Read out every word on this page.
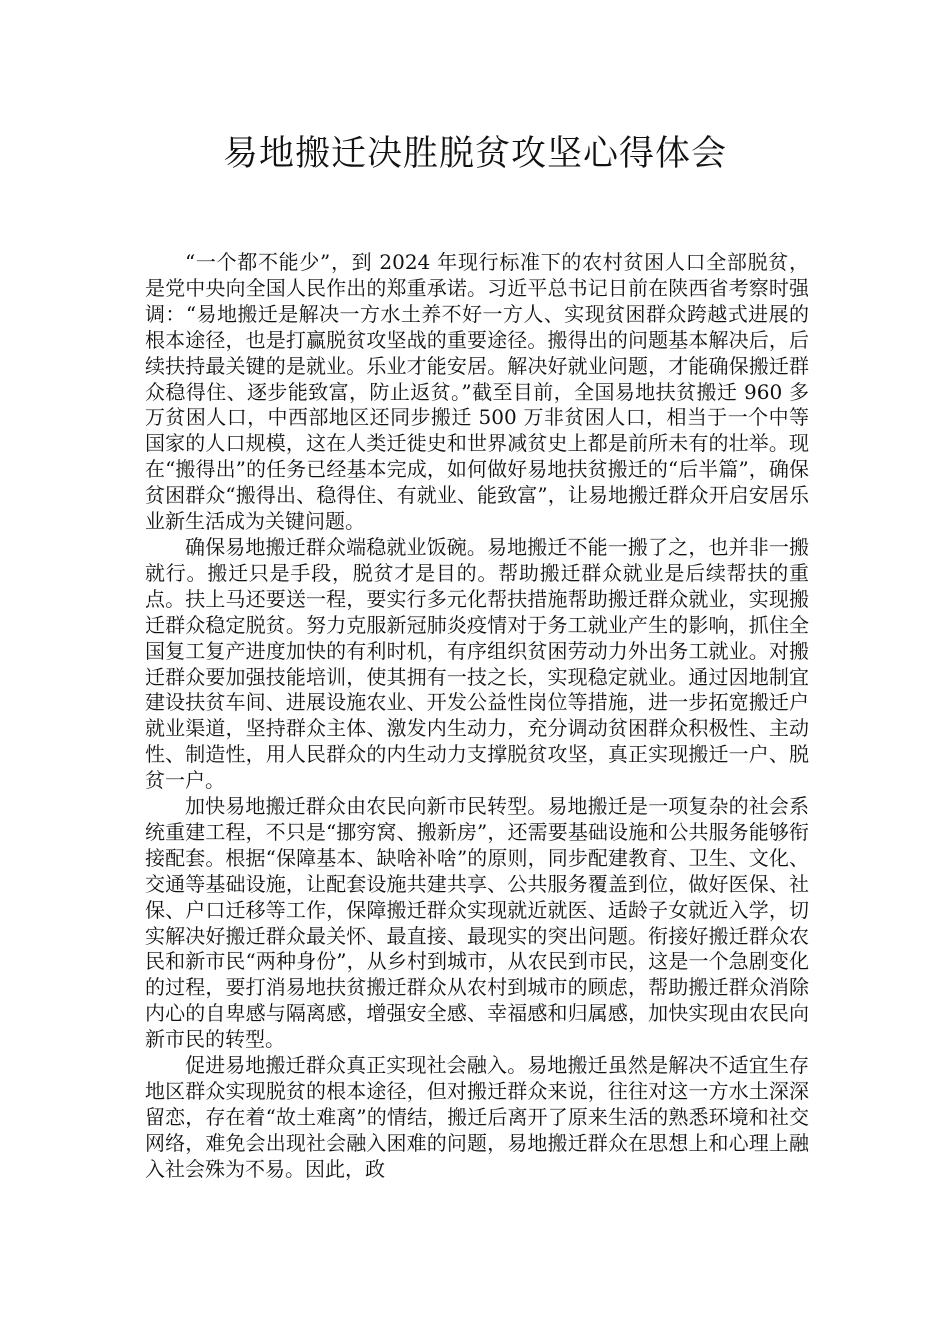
易地搬迁决胜脱贫攻坚心得体会

“一个都不能少”，到 2024 年现行标准下的农村贫困人口全部脱贫，是党中央向全国人民作出的郑重承诺。习近平总书记日前在陕西省考察时强调：“易地搬迁是解决一方水土养不好一方人、实现贫困群众跨越式进展的根本途径，也是打赢脱贫攻坚战的重要途径。搬得出的问题基本解决后，后续扶持最关键的是就业。乐业才能安居。解决好就业问题，才能确保搬迁群众稳得住、逐步能致富，防止返贫。”截至目前，全国易地扶贫搬迁 960 多万贫困人口，中西部地区还同步搬迁 500 万非贫困人口，相当于一个中等国家的人口规模，这在人类迁徙史和世界减贫史上都是前所未有的壮举。现在“搬得出”的任务已经基本完成，如何做好易地扶贫搬迁的“后半篇”，确保贫困群众“搬得出、稳得住、有就业、能致富”，让易地搬迁群众开启安居乐业新生活成为关键问题。

确保易地搬迁群众端稳就业饭碗。易地搬迁不能一搬了之，也并非一搬就行。搬迁只是手段，脱贫才是目的。帮助搬迁群众就业是后续帮扶的重点。扶上马还要送一程，要实行多元化帮扶措施帮助搬迁群众就业，实现搬迁群众稳定脱贫。努力克服新冠肺炎疫情对于务工就业产生的影响，抓住全国复工复产进度加快的有利时机，有序组织贫困劳动力外出务工就业。对搬迁群众要加强技能培训，使其拥有一技之长，实现稳定就业。通过因地制宜建设扶贫车间、进展设施农业、开发公益性岗位等措施，进一步拓宽搬迁户就业渠道，坚持群众主体、激发内生动力，充分调动贫困群众积极性、主动性、制造性，用人民群众的内生动力支撑脱贫攻坚，真正实现搬迁一户、脱贫一户。

加快易地搬迁群众由农民向新市民转型。易地搬迁是一项复杂的社会系统重建工程，不只是“挪穷窝、搬新房”，还需要基础设施和公共服务能够衔接配套。根据“保障基本、缺啥补啥”的原则，同步配建教育、卫生、文化、交通等基础设施，让配套设施共建共享、公共服务覆盖到位，做好医保、社保、户口迁移等工作，保障搬迁群众实现就近就医、适龄子女就近入学，切实解决好搬迁群众最关怀、最直接、最现实的突出问题。衔接好搬迁群众农民和新市民“两种身份”，从乡村到城市，从农民到市民，这是一个急剧变化的过程，要打消易地扶贫搬迁群众从农村到城市的顾虑，帮助搬迁群众消除内心的自卑感与隔离感，增强安全感、幸福感和归属感，加快实现由农民向新市民的转型。

促进易地搬迁群众真正实现社会融入。易地搬迁虽然是解决不适宜生存地区群众实现脱贫的根本途径，但对搬迁群众来说，往往对这一方水土深深留恋，存在着“故土难离”的情结，搬迁后离开了原来生活的熟悉环境和社交网络，难免会出现社会融入困难的问题，易地搬迁群众在思想上和心理上融入社会殊为不易。因此，政
